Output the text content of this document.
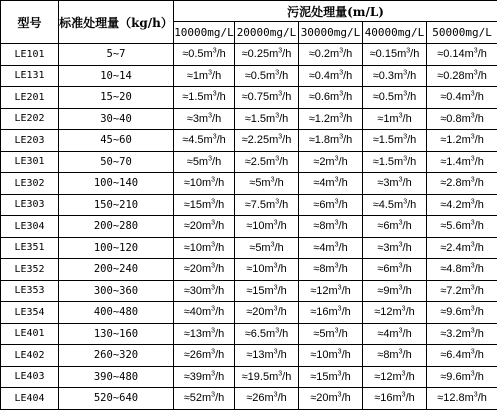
型号	标准处理量（kg/h）	污泥处理量(m/L)				
		10000mg/L	20000mg/L	30000mg/L	40000mg/L	50000mg/L
LE101	5~7	$\approx 0.5m^3/h$	$\approx 0.25m^3/h$	$\approx 0.2m^3/h$	$\approx 0.15m^3/h$	$\approx 0.14m^3/h$
LE131	10~14	$\approx 1m^3/h$	$\approx 0.5m^3/h$	$\approx 0.4m^3/h$	$\approx 0.3m^3/h$	$\approx 0.28m^3/h$
LE201	15~20	$\approx 1.5m^3/h$	$\approx 0.75m^3/h$	$\approx 0.6m^3/h$	$\approx 0.5m^3/h$	$\approx 0.4m^3/h$
LE202	30~40	$\approx 3m^3/h$	$\approx 1.5m^3/h$	$\approx 1.2m^3/h$	$\approx 1m^3/h$	$\approx 0.8m^3/h$
LE203	45~60	$\approx 4.5m^3/h$	$\approx 2.25m^3/h$	$\approx 1.8m^3/h$	$\approx 1.5m^3/h$	$\approx 1.2m^3/h$
LE301	50~70	$\approx 5m^3/h$	$\approx 2.5m^3/h$	$\approx 2m^3/h$	$\approx 1.5m^3/h$	$\approx 1.4m^3/h$
LE302	100~140	$\approx 10m^3/h$	$\approx 5m^3/h$	$\approx 4m^3/h$	$\approx 3m^3/h$	$\approx 2.8m^3/h$
LE303	150~210	$\approx 15m^3/h$	$\approx 7.5m^3/h$	$\approx 6m^3/h$	$\approx 4.5m^3/h$	$\approx 4.2m^3/h$
LE304	200~280	$\approx 20m^3/h$	$\approx 10m^3/h$	$\approx 8m^3/h$	$\approx 6m^3/h$	$\approx 5.6m^3/h$
LE351	100~120	$\approx 10m^3/h$	$\approx 5m^3/h$	$\approx 4m^3/h$	$\approx 3m^3/h$	$\approx 2.4m^3/h$
LE352	200~240	$\approx 20m^3/h$	$\approx 10m^3/h$	$\approx 8m^3/h$	$\approx 6m^3/h$	$\approx 4.8m^3/h$
LE353	300~360	$\approx 30m^3/h$	$\approx 15m^3/h$	$\approx 12m^3/h$	$\approx 9m^3/h$	$\approx 7.2m^3/h$
LE354	400~480	$\approx 40m^3/h$	$\approx 20m^3/h$	$\approx 16m^3/h$	$\approx 12m^3/h$	$\approx 9.6m^3/h$
LE401	130~160	$\approx 13m^3/h$	$\approx 6.5m^3/h$	$\approx 5m^3/h$	$\approx 4m^3/h$	$\approx 3.2m^3/h$
LE402	260~320	$\approx 26m^3/h$	$\approx 13m^3/h$	$\approx 10m^3/h$	$\approx 8m^3/h$	$\approx 6.4m^3/h$
LE403	390~480	$\approx 39m^3/h$	$\approx 19.5m^3/h$	$\approx 15m^3/h$	$\approx 12m^3/h$	$\approx 9.6m^3/h$
LE404	520~640	$\approx 52m^3/h$	$\approx 26m^3/h$	$\approx 20m^3/h$	$\approx 16m^3/h$	$\approx 12.8m^3/h$
